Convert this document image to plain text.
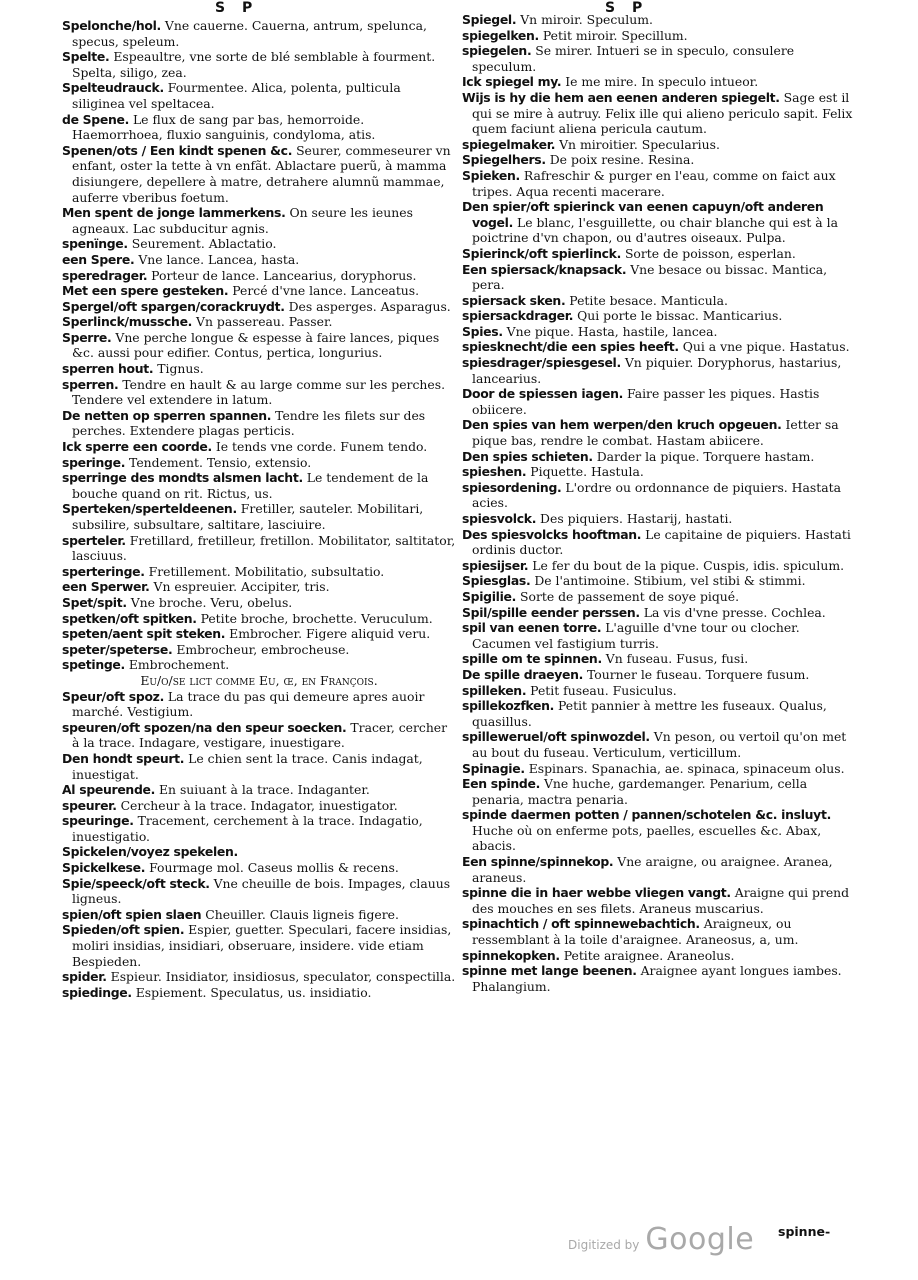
S P	S P

Spelonche/hol. Vne cauerne. Cauerna, antrum, spelunca, specus, speleum.

Spelte. Espeaultre, vne sorte de blé semblable à fourment. Spelta, siligo, zea.

Spelteudrauck. Fourmentee. Alica, polenta, pulticula siliginea vel speltacea.

de Spene. Le flux de sang par bas, hemorroide. Haemorrhoea, fluxio sanguinis, condyloma, atis.

Spenen/ots / Een kindt spenen &c. Seurer, commeseurer vn enfant, oster la tette à vn enfãt. Ablactare puerũ, à mamma disiungere, depellere à matre, detrahere alumnũ mammae, auferre vberibus foetum.

Men spent de jonge lammerkens. On seure les ieunes agneaux. Lac subducitur agnis.

spenïnge. Seurement. Ablactatio.

een Spere. Vne lance. Lancea, hasta.

speredrager. Porteur de lance. Lancearius, doryphorus.

Met een spere gesteken. Percé d'vne lance. Lanceatus.

Spergel/oft spargen/corackruydt. Des asperges. Asparagus.

Sperlinck/mussche. Vn passereau. Passer.

Sperre. Vne perche longue & espesse à faire lances, piques &c. aussi pour edifier. Contus, pertica, longurius.

sperren hout. Tignus.

sperren. Tendre en hault & au large comme sur les perches. Tendere vel extendere in latum.

De netten op sperren spannen. Tendre les filets sur des perches. Extendere plagas perticis.

Ick sperre een coorde. Ie tends vne corde. Funem tendo.

speringe. Tendement. Tensio, extensio.

sperringe des mondts alsmen lacht. Le tendement de la bouche quand on rit. Rictus, us.

Sperteken/sperteldeenen. Fretiller, sauteler. Mobilitari, subsilire, subsultare, saltitare, lasciuire.

sperteler. Fretillard, fretilleur, fretillon. Mobilitator, saltitator, lasciuus.

sperteringe. Fretillement. Mobilitatio, subsultatio.

een Sperwer. Vn espreuier. Accipiter, tris.

Spet/spit. Vne broche. Veru, obelus.

spetken/oft spitken. Petite broche, brochette. Veruculum.

speten/aent spit steken. Embrocher. Figere aliquid veru.

speter/speterse. Embrocheur, embrocheuse.

spetinge. Embrochement.

Eu/o/se lict comme Eu, œ, en François.

Speur/oft spoz. La trace du pas qui demeure apres auoir marché. Vestigium.

speuren/oft spozen/na den speur soecken. Tracer, cercher à la trace. Indagare, vestigare, inuestigare.

Den hondt speurt. Le chien sent la trace. Canis indagat, inuestigat.

Al speurende. En suiuant à la trace. Indaganter.

speurer. Cercheur à la trace. Indagator, inuestigator.

speuringe. Tracement, cerchement à la trace. Indagatio, inuestigatio.

Spickelen/voyez spekelen.

Spickelkese. Fourmage mol. Caseus mollis & recens.

Spie/speeck/oft steck. Vne cheuille de bois. Impages, clauus ligneus.

spien/oft spien slaen Cheuiller. Clauis ligneis figere.

Spieden/oft spien. Espier, guetter. Speculari, facere insidias, moliri insidias, insidiari, obseruare, insidere. vide etiam Bespieden.

spider. Espieur. Insidiator, insidiosus, speculator, conspectilla.

spiedinge. Espiement. Speculatus, us. insidiatio.

Spiegel. Vn miroir. Speculum.

spiegelken. Petit miroir. Specillum.

spiegelen. Se mirer. Intueri se in speculo, consulere speculum.

Ick spiegel my. Ie me mire. In speculo intueor.

Wijs is hy die hem aen eenen anderen spiegelt. Sage est il qui se mire à autruy. Felix ille qui alieno periculo sapit. Felix quem faciunt aliena pericula cautum.

spiegelmaker. Vn miroitier. Specularius.

Spiegelhers. De poix resine. Resina.

Spieken. Rafreschir & purger en l'eau, comme on faict aux tripes. Aqua recenti macerare.

Den spier/oft spierinck van eenen capuyn/oft anderen vogel. Le blanc, l'esguillette, ou chair blanche qui est à la poictrine d'vn chapon, ou d'autres oiseaux. Pulpa.

Spierinck/oft spierlinck. Sorte de poisson, esperlan.

Een spiersack/knapsack. Vne besace ou bissac. Mantica, pera.

spiersack sken. Petite besace. Manticula.

spiersackdrager. Qui porte le bissac. Manticarius.

Spies. Vne pique. Hasta, hastile, lancea.

spiesknecht/die een spies heeft. Qui a vne pique. Hastatus.

spiesdrager/spiesgesel. Vn piquier. Doryphorus, hastarius, lancearius.

Door de spiessen iagen. Faire passer les piques. Hastis obiicere.

Den spies van hem werpen/den kruch opgeuen. Ietter sa pique bas, rendre le combat. Hastam abiicere.

Den spies schieten. Darder la pique. Torquere hastam.

spieshen. Piquette. Hastula.

spiesordening. L'ordre ou ordonnance de piquiers. Hastata acies.

spiesvolck. Des piquiers. Hastarij, hastati.

Des spiesvolcks hooftman. Le capitaine de piquiers. Hastati ordinis ductor.

spiesijser. Le fer du bout de la pique. Cuspis, idis. spiculum.

Spiesglas. De l'antimoine. Stibium, vel stibi & stimmi.

Spigilie. Sorte de passement de soye piqué.

Spil/spille eender perssen. La vis d'vne presse. Cochlea.

spil van eenen torre. L'aguille d'vne tour ou clocher. Cacumen vel fastigium turris.

spille om te spinnen. Vn fuseau. Fusus, fusi.

De spille draeyen. Tourner le fuseau. Torquere fusum.

spilleken. Petit fuseau. Fusiculus.

spillekozfken. Petit pannier à mettre les fuseaux. Qualus, quasillus.

spilleweruel/oft spinwozdel. Vn peson, ou vertoil qu'on met au bout du fuseau. Verticulum, verticillum.

Spinagie. Espinars. Spanachia, ae. spinaca, spinaceum olus.

Een spinde. Vne huche, gardemanger. Penarium, cella penaria, mactra penaria.

spinde daermen potten / pannen/schotelen &c. insluyt. Huche où on enferme pots, paelles, escuelles &c. Abax, abacis.

Een spinne/spinnekop. Vne araigne, ou araignee. Aranea, araneus.

spinne die in haer webbe vliegen vangt. Araigne qui prend des mouches en ses filets. Araneus muscarius.

spinachtich / oft spinnewebachtich. Araigneux, ou ressemblant à la toile d'araignee. Araneosus, a, um.

spinnekopken. Petite araignee. Araneolus.

spinne met lange beenen. Araignee ayant longues iambes. Phalangium.

spinne-
Digitized by Google
